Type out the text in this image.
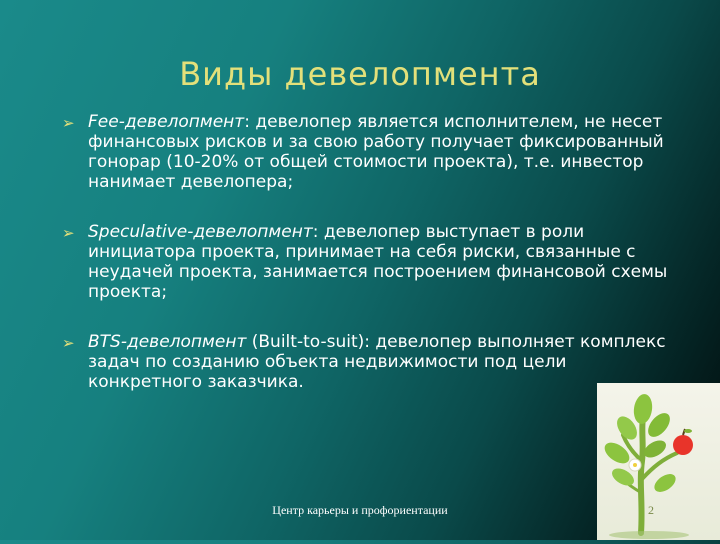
Виды девелопмента
➢ Fee-девелопмент: девелопер является исполнителем, не несет финансовых рисков и за свою работу получает фиксированный гонорар (10-20% от общей стоимости проекта), т.е. инвестор нанимает девелопера;
➢ Speculative-девелопмент: девелопер выступает в роли инициатора проекта, принимает на себя риски, связанные с неудачей проекта, занимается построением финансовой схемы проекта;
➢ BTS-девелопмент (Built-to-suit): девелопер выполняет комплекс задач по созданию объекта недвижимости под цели конкретного заказчика.
Центр карьеры и профориентации	2
